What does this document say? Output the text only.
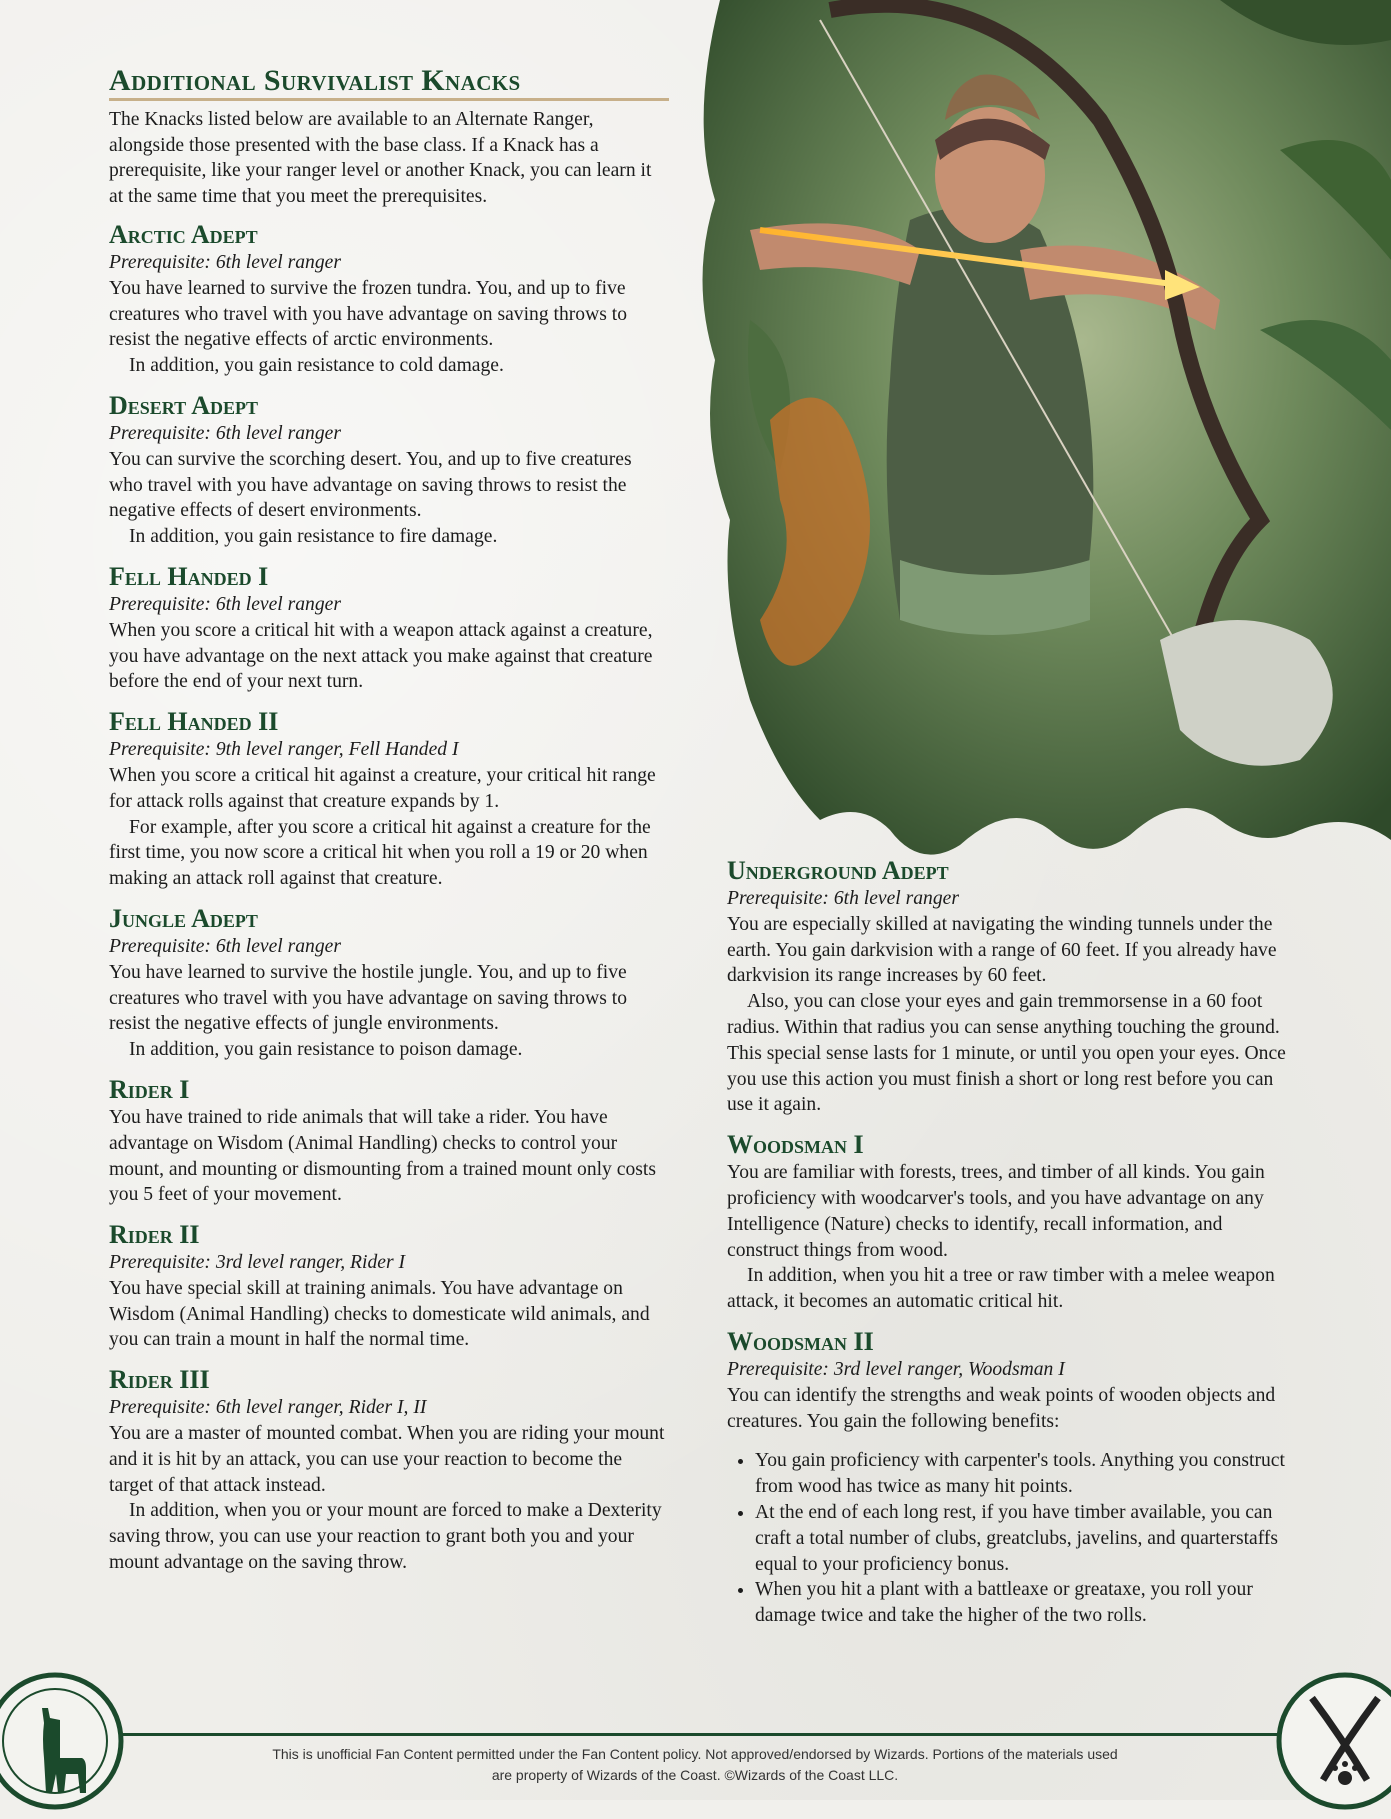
Additional Survivalist Knacks

The Knacks listed below are available to an Alternate Ranger, alongside those presented with the base class. If a Knack has a prerequisite, like your ranger level or another Knack, you can learn it at the same time that you meet the prerequisites.

Arctic Adept

Prerequisite: 6th level ranger

You have learned to survive the frozen tundra. You, and up to five creatures who travel with you have advantage on saving throws to resist the negative effects of arctic environments.

In addition, you gain resistance to cold damage.

Desert Adept

Prerequisite: 6th level ranger

You can survive the scorching desert. You, and up to five creatures who travel with you have advantage on saving throws to resist the negative effects of desert environments.

In addition, you gain resistance to fire damage.

Fell Handed I

Prerequisite: 6th level ranger

When you score a critical hit with a weapon attack against a creature, you have advantage on the next attack you make against that creature before the end of your next turn.

Fell Handed II

Prerequisite: 9th level ranger, Fell Handed I

When you score a critical hit against a creature, your critical hit range for attack rolls against that creature expands by 1.

For example, after you score a critical hit against a creature for the first time, you now score a critical hit when you roll a 19 or 20 when making an attack roll against that creature.

Jungle Adept

Prerequisite: 6th level ranger

You have learned to survive the hostile jungle. You, and up to five creatures who travel with you have advantage on saving throws to resist the negative effects of jungle environments.

In addition, you gain resistance to poison damage.

Rider I

You have trained to ride animals that will take a rider. You have advantage on Wisdom (Animal Handling) checks to control your mount, and mounting or dismounting from a trained mount only costs you 5 feet of your movement.

Rider II

Prerequisite: 3rd level ranger, Rider I

You have special skill at training animals. You have advantage on Wisdom (Animal Handling) checks to domesticate wild animals, and you can train a mount in half the normal time.

Rider III

Prerequisite: 6th level ranger, Rider I, II

You are a master of mounted combat. When you are riding your mount and it is hit by an attack, you can use your reaction to become the target of that attack instead.

In addition, when you or your mount are forced to make a Dexterity saving throw, you can use your reaction to grant both you and your mount advantage on the saving throw.

Underground Adept

Prerequisite: 6th level ranger

You are especially skilled at navigating the winding tunnels under the earth. You gain darkvision with a range of 60 feet. If you already have darkvision its range increases by 60 feet.

Also, you can close your eyes and gain tremmorsense in a 60 foot radius. Within that radius you can sense anything touching the ground. This special sense lasts for 1 minute, or until you open your eyes. Once you use this action you must finish a short or long rest before you can use it again.

Woodsman I

You are familiar with forests, trees, and timber of all kinds. You gain proficiency with woodcarver's tools, and you have advantage on any Intelligence (Nature) checks to identify, recall information, and construct things from wood.

In addition, when you hit a tree or raw timber with a melee weapon attack, it becomes an automatic critical hit.

Woodsman II

Prerequisite: 3rd level ranger, Woodsman I

You can identify the strengths and weak points of wooden objects and creatures. You gain the following benefits:

• You gain proficiency with carpenter's tools. Anything you construct from wood has twice as many hit points.
• At the end of each long rest, if you have timber available, you can craft a total number of clubs, greatclubs, javelins, and quarterstaffs equal to your proficiency bonus.
• When you hit a plant with a battleaxe or greataxe, you roll your damage twice and take the higher of the two rolls.
This is unofficial Fan Content permitted under the Fan Content policy. Not approved/endorsed by Wizards. Portions of the materials used
are property of Wizards of the Coast. ©Wizards of the Coast LLC.
